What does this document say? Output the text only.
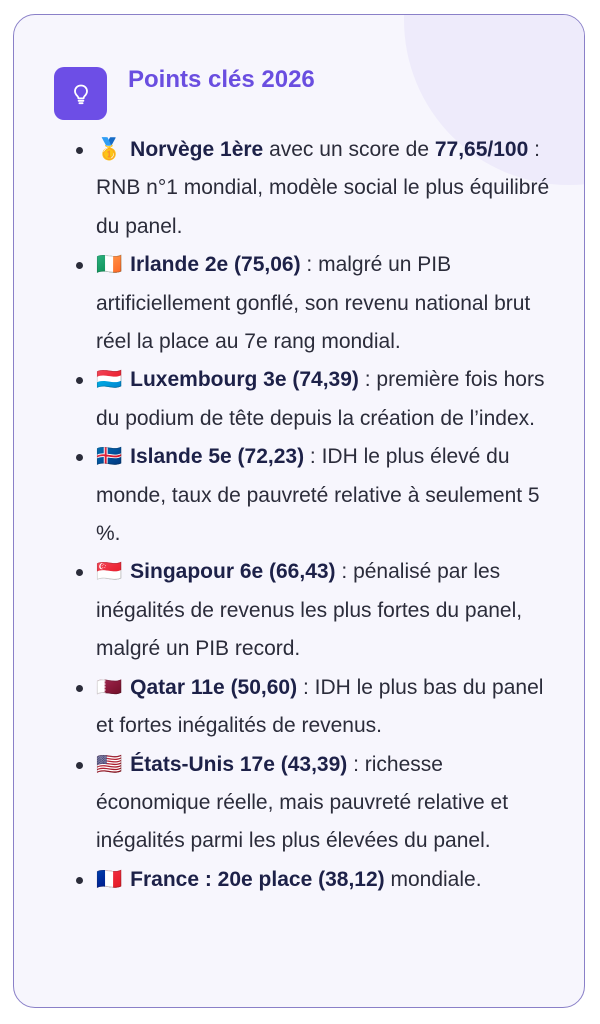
Points clés 2026
🥇 Norvège 1ère avec un score de 77,65/100 : RNB n°1 mondial, modèle social le plus équilibré du panel.
🇮🇪 Irlande 2e (75,06) : malgré un PIB artificiellement gonflé, son revenu national brut réel la place au 7e rang mondial.
🇱🇺 Luxembourg 3e (74,39) : première fois hors du podium de tête depuis la création de l’index.
🇮🇸 Islande 5e (72,23) : IDH le plus élevé du monde, taux de pauvreté relative à seulement 5 %.
🇸🇬 Singapour 6e (66,43) : pénalisé par les inégalités de revenus les plus fortes du panel, malgré un PIB record.
🇶🇦 Qatar 11e (50,60) : IDH le plus bas du panel et fortes inégalités de revenus.
🇺🇸 États-Unis 17e (43,39) : richesse économique réelle, mais pauvreté relative et inégalités parmi les plus élevées du panel.
🇫🇷 France : 20e place (38,12) mondiale.
